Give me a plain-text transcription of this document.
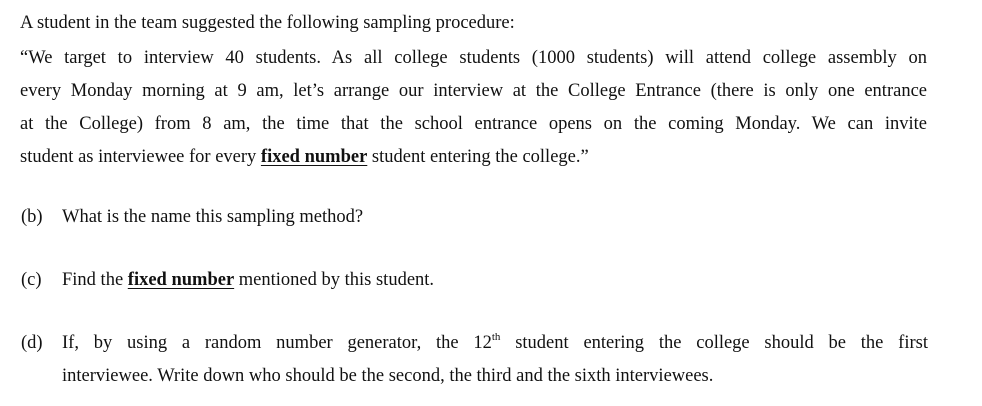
A student in the team suggested the following sampling procedure:
“We target to interview 40 students. As all college students (1000 students) will attend college assembly on
every Monday morning at 9 am, let’s arrange our interview at the College Entrance (there is only one entrance
at the College) from 8 am, the time that the school entrance opens on the coming Monday. We can invite
student as interviewee for every fixed number student entering the college.”
(b) What is the name this sampling method?
(c) Find the fixed number mentioned by this student.
(d) If, by using a random number generator, the 12th student entering the college should be the first
interviewee. Write down who should be the second, the third and the sixth interviewees.
